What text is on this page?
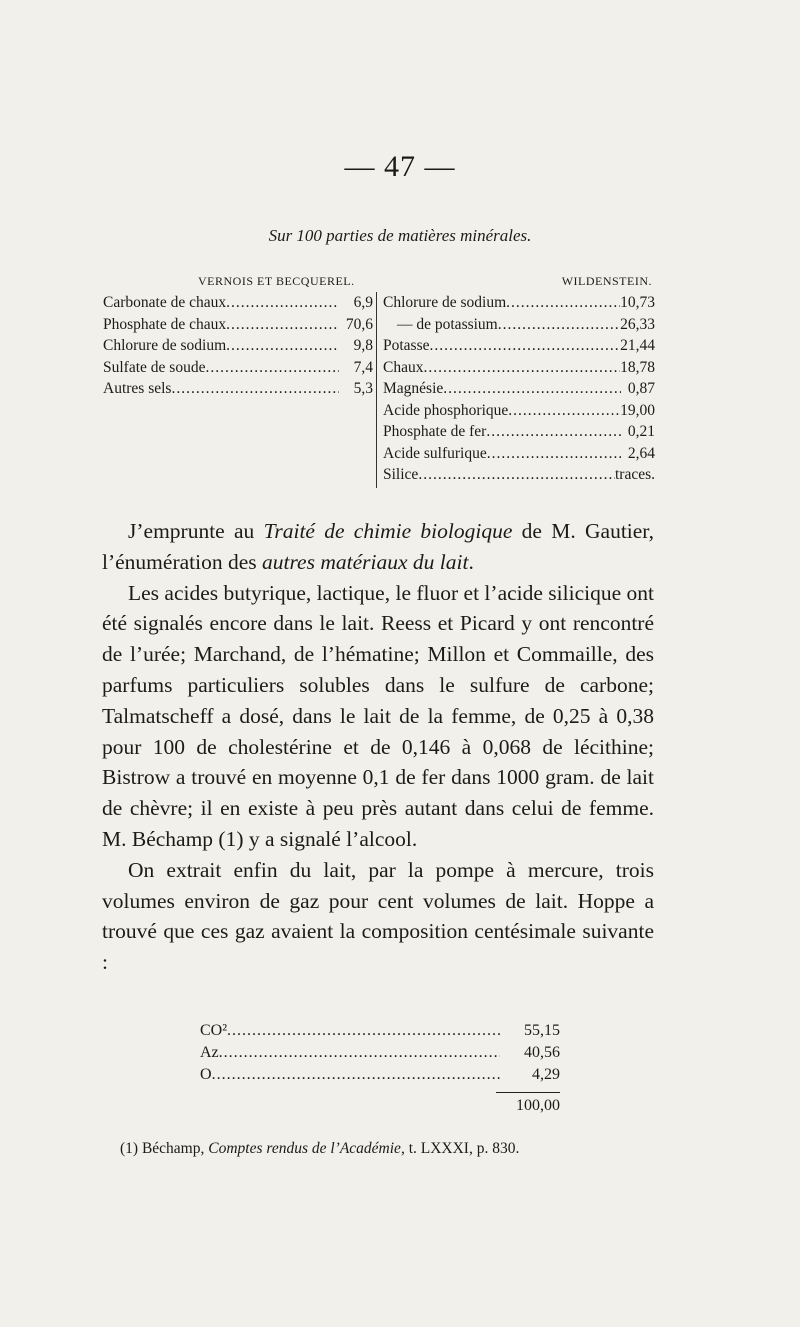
— 47 —
Sur 100 parties de matières minérales.
VERNOIS ET BECQUEREL.	WILDENSTEIN.
Carbonate de chaux .....	6,9
Phosphate de chaux .....	70,6
Chlorure de sodium .....	9,8
Sulfate de soude .....	7,4
Autres sels .....	5,3
Chlorure de sodium .....	10,73
— de potassium .....	26,33
Potasse .....	21,44
Chaux .....	18,78
Magnésie .....	0,87
Acide phosphorique .....	19,00
Phosphate de fer .....	0,21
Acide sulfurique .....	2,64
Silice .....	traces.

J’emprunte au Traité de chimie biologique de M. Gautier, l’énumération des autres matériaux du lait.

Les acides butyrique, lactique, le fluor et l’acide silicique ont été signalés encore dans le lait. Reess et Picard y ont rencontré de l’urée; Marchand, de l’hématine; Millon et Commaille, des parfums particuliers solubles dans le sulfure de carbone; Talmatscheff a dosé, dans le lait de la femme, de 0,25 à 0,38 pour 100 de cholestérine et de 0,146 à 0,068 de lécithine; Bistrow a trouvé en moyenne 0,1 de fer dans 1000 gram. de lait de chèvre; il en existe à peu près autant dans celui de femme. M. Béchamp (1) y a signalé l’alcool.

On extrait enfin du lait, par la pompe à mercure, trois volumes environ de gaz pour cent volumes de lait. Hoppe a trouvé que ces gaz avaient la composition centésimale suivante :

CO² .....	55,15
Az .....	40,56
O .....	4,29
100,00
(1) Béchamp, Comptes rendus de l’Académie, t. LXXXI, p. 830.
